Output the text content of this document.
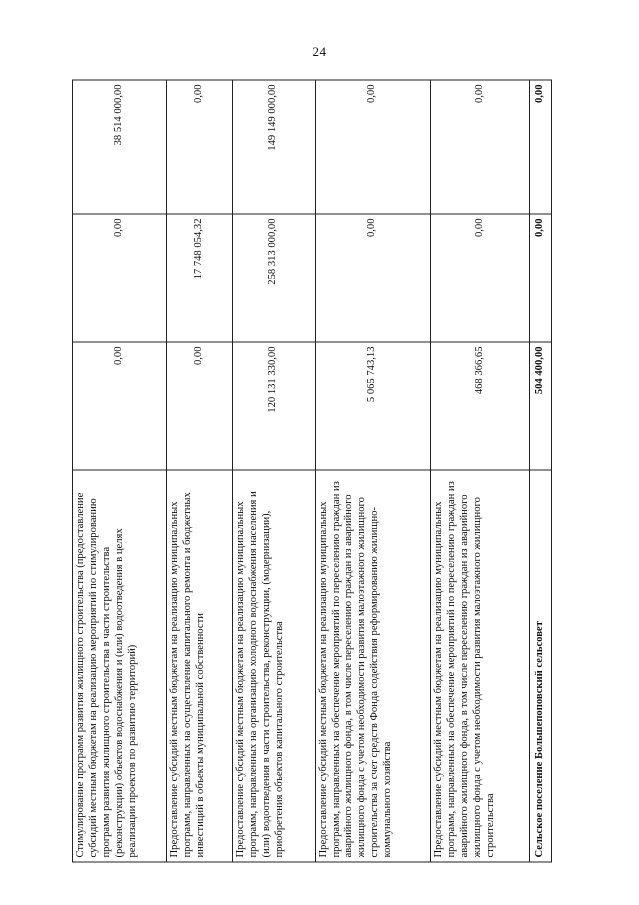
24
Стимулирование программ развития жилищного строительства (предоставление субсидий местным бюджетам на реализацию мероприятий по стимулированию программ развития жилищного строительства в части строительства (реконструкции) объектов водоснабжения и (или) водоотведения в целях реализации проектов по развитию территорий)	0,00	0,00	38 514 000,00
Предоставление субсидий местным бюджетам на реализацию муниципальных программ, направленных на осуществление капитального ремонта и бюджетных инвестиций в объекты муниципальной собственности	0,00	17 748 054,32	0,00
Предоставление субсидий местным бюджетам на реализацию муниципальных программ, направленных на организацию холодного водоснабжения населения и (или) водоотведения в части строительства, реконструкции, (модернизации), приобретения объектов капитального строительства	120 131 330,00	258 313 000,00	149 149 000,00
Предоставление субсидий местным бюджетам на реализацию муниципальных программ, направленных на обеспечение мероприятий по переселению граждан из аварийного жилищного фонда, в том числе переселению граждан из аварийного жилищного фонда с учетом необходимости развития малоэтажного жилищного строительства за счет средств Фонда содействия реформированию жилищно-коммунального хозяйства	5 065 743,13	0,00	0,00
Предоставление субсидий местным бюджетам на реализацию муниципальных программ, направленных на обеспечение мероприятий по переселению граждан из аварийного жилищного фонда, в том числе переселению граждан из аварийного жилищного фонда с учетом необходимости развития малоэтажного жилищного строительства	468 366,65	0,00	0,00
Сельское поселение Большепоповский сельсовет	504 400,00	0,00	0,00
